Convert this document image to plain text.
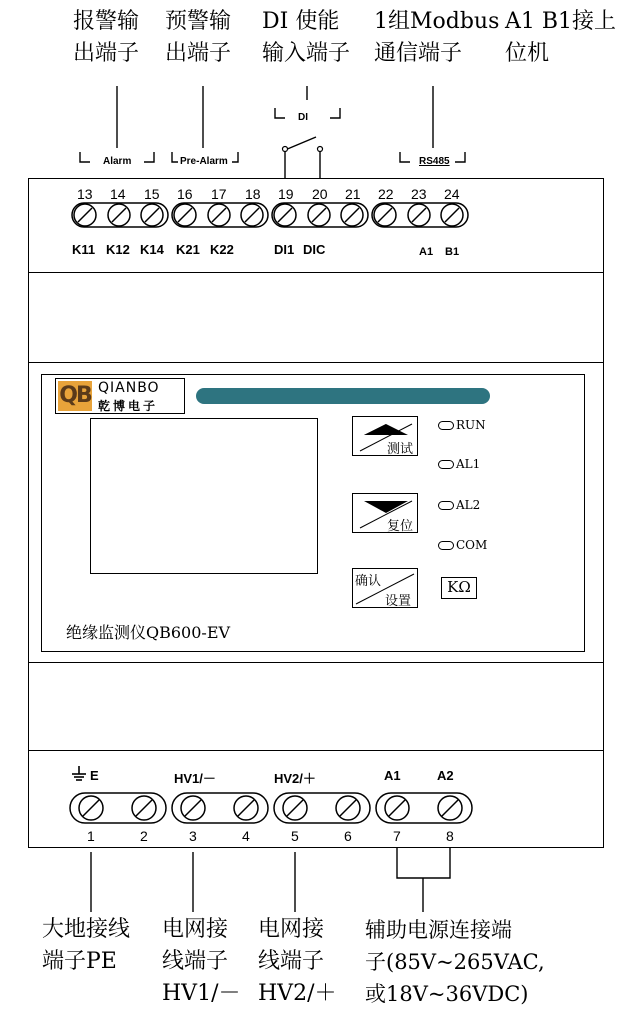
报警输
出端子
预警输
出端子
DI 使能
输入端子
1组Modbus
通信端子
A1 B1接上
位机
DI
Alarm	Pre-Alarm	RS485
13 14 15 16 17 18 19 20 21 22 23 24
K11 K12 K14 K21 K22	DI1 DIC	A1 B1
QB QIANBO
乾博电子
测试
复位
确认
设置
KΩ
RUN
AL1
AL2
COM
绝缘监测仪QB600-EV
E	HV1/－	HV2/＋	A1	A2
1	2	3	4	5	6	7	8
大地接线
端子PE
电网接
线端子
HV1/－
电网接
线端子
HV2/＋
辅助电源连接端
子(85V~265VAC,
或18V~36VDC)
